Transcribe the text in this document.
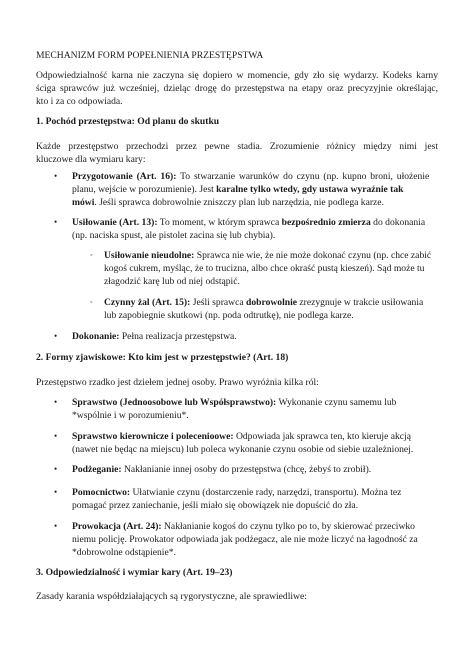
MECHANIZM FORM POPEŁNIENIA PRZESTĘPSTWA
Odpowiedzialność karna nie zaczyna się dopiero w momencie, gdy zło się wydarzy. Kodeks karny
ściga sprawców już wcześniej, dzieląc drogę do przestępstwa na etapy oraz precyzyjnie określając,
kto i za co odpowiada.
1. Pochód przestępstwa: Od planu do skutku
Każde przestępstwo przechodzi przez pewne stadia. Zrozumienie różnicy między nimi jest
kluczowe dla wymiaru kary:
• Przygotowanie (Art. 16): To stwarzanie warunków do czynu (np. kupno broni, ułożenie
planu, wejście w porozumienie). Jest karalne tylko wtedy, gdy ustawa wyraźnie tak
mówi. Jeśli sprawca dobrowolnie zniszczy plan lub narzędzia, nie podlega karze.
• Usiłowanie (Art. 13): To moment, w którym sprawca bezpośrednio zmierza do dokonania
(np. naciska spust, ale pistolet zacina się lub chybia).
◦ Usiłowanie nieudolne: Sprawca nie wie, że nie może dokonać czynu (np. chce zabić
kogoś cukrem, myśląc, że to trucizna, albo chce okraść pustą kieszeń). Sąd może tu
złagodzić karę lub od niej odstąpić.
◦ Czynny żal (Art. 15): Jeśli sprawca dobrowolnie zrezygnuje w trakcie usiłowania
lub zapobiegnie skutkowi (np. poda odtrutkę), nie podlega karze.
• Dokonanie: Pełna realizacja przestępstwa.
2. Formy zjawiskowe: Kto kim jest w przestępstwie? (Art. 18)
Przestępstwo rzadko jest dziełem jednej osoby. Prawo wyróżnia kilka ról:
• Sprawstwo (Jednoosobowe lub Współsprawstwo): Wykonanie czynu samemu lub
*wspólnie i w porozumieniu*.
• Sprawstwo kierownicze i polecenioowe: Odpowiada jak sprawca ten, kto kieruje akcją
(nawet nie będąc na miejscu) lub poleca wykonanie czynu osobie od siebie uzależnionej.
• Podżeganie: Nakłanianie innej osoby do przestępstwa (chcę, żebyś to zrobił).
• Pomocnictwo: Ułatwianie czynu (dostarczenie rady, narzędzi, transportu). Można tez
pomagać przez zaniechanie, jeśli miało się obowiązek nie dopuścić do zła.
• Prowokacja (Art. 24): Nakłanianie kogoś do czynu tylko po to, by skierować przeciwko
niemu policję. Prowokator odpowiada jak podżegacz, ale nie może liczyć na łagodność za
*dobrowolne odstąpienie*.
3. Odpowiedzialność i wymiar kary (Art. 19–23)
Zasady karania współdziałających są rygorystyczne, ale sprawiedliwe:
